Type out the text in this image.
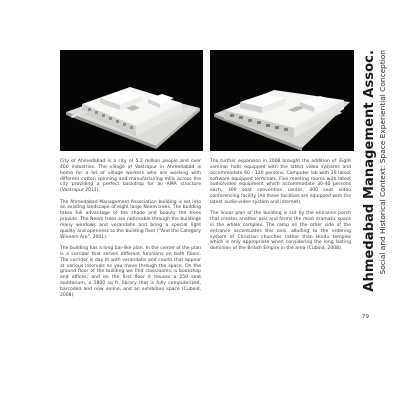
City of Ahmedabad is a city of 5.2 million people and over 400 industries. The village of Vastrapur in Ahmedabad is home for a lot of village workers who are working with different cotton spinning and manufacturing mills across the city providing a perfect backdrop for an AMA structure (Vastrapur 2011).

The Ahmedabad Management Association building is set into an existing landscape of eight large Neem trees. The building takes full advantage of the shade and beauty the trees provide. The Neem trees are noticeable through the buildings many windows and verandahs and bring a special light quality and openness to the building floor ("And the Category Winners Are", 2001).

The building has a long bar-like plan. In the center of the plan is a corridor that serves different functions on both floors. The corridor is day lit with verandahs and courts that appear at various intervals as you move through the space. On the ground floor of the building we find classrooms, a bookshop and offices; and on the first floor it houses a 250 seat auditorium, a 1800 sq ft. library that is fully computerized, barcoded and now online, and an exhibition space (Cuboid, 2008).

The further expansion in 2008 brought the addition of: Eight seminar halls equipped with the latest video systems and accommodate 60 - 120 persons, Computer lab with 20 latest software equipped terminals, Five meeting rooms with latest audio/video equipment which accommodate 30-40 persons each, 300 seat convention center, 400 seat video conferencing facility (All these facilities are equipped with the latest audio-video system and internet).

The linear plan of the building is cut by the entrance porch that creates another axis and forms the most dramatic space in the whole complex. The ramp on the other side of the entrance accentuates this axis, alluding to the ordering system of Christian churches rather than Hindu temples which is only appropriate when considering the long lasting dominion of the British Empire in the area (Cuboid, 2008).	Ahmedabad Management Assoc. Social and Historical Context: Space Experiential Conception
79
